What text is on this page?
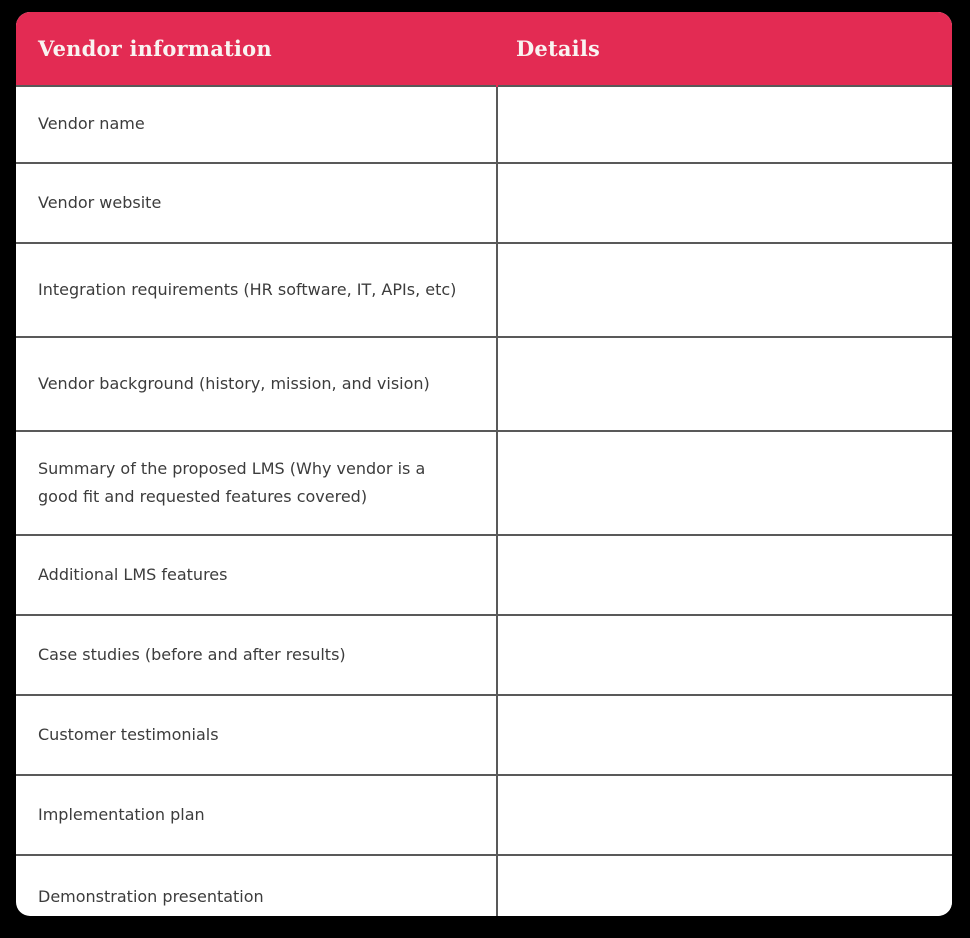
Vendor information	Details

Vendor name	

Vendor website	

Integration requirements (HR software, IT, APIs, etc)	

Vendor background (history, mission, and vision)	

Summary of the proposed LMS (Why vendor is a good fit and requested features covered)	

Additional LMS features	

Case studies (before and after results)	

Customer testimonials	

Implementation plan	

Demonstration presentation	
